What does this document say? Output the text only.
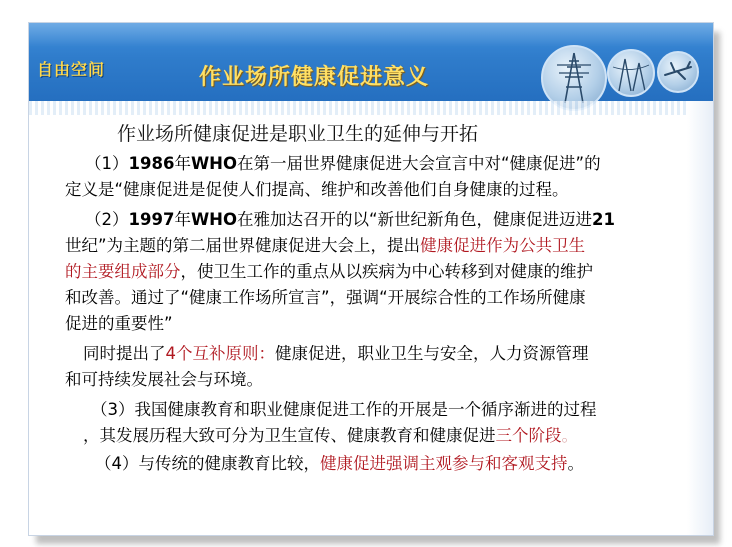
自由空间	作业场所健康促进意义
作业场所健康促进是职业卫生的延伸与开拓
（1）1986年WHO在第一届世界健康促进大会宣言中对“健康促进”的
定义是“健康促进是促使人们提高、维护和改善他们自身健康的过程。
（2）1997年WHO在雅加达召开的以“新世纪新角色，健康促进迈进21
世纪”为主题的第二届世界健康促进大会上，提出健康促进作为公共卫生
的主要组成部分，使卫生工作的重点从以疾病为中心转移到对健康的维护
和改善。通过了“健康工作场所宣言”，强调“开展综合性的工作场所健康
促进的重要性”
同时提出了4个互补原则：健康促进，职业卫生与安全，人力资源管理
和可持续发展社会与环境。
（3）我国健康教育和职业健康促进工作的开展是一个循序渐进的过程
，其发展历程大致可分为卫生宣传、健康教育和健康促进三个阶段。
（4）与传统的健康教育比较，健康促进强调主观参与和客观支持。
